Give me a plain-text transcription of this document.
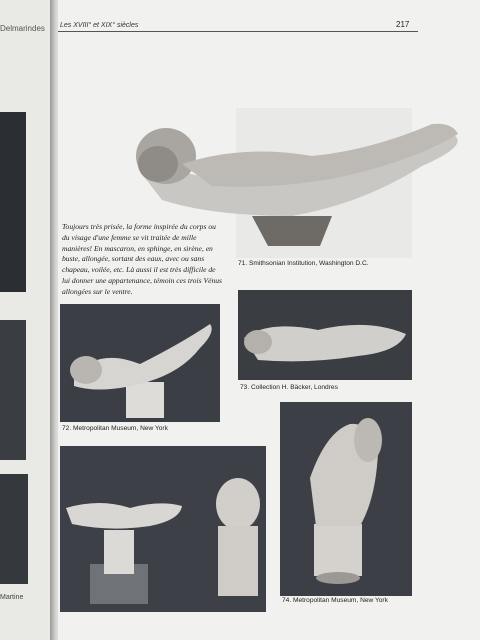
Delmarindes
Martine
Les XVIII° et XIX° siècles	217
71. Smithsonian Institution, Washington D.C.
Toujours très prisée, la forme inspirée du corps ou du visage d'une femme se vit traitée de mille manières! En mascaron, en sphinge, en sirène, en buste, allongée, sortant des eaux, avec ou sans chapeau, voilée, etc. Là aussi il est très difficile de lui donner une appartenance, témoin ces trois Vénus allongées sur le ventre.
72. Metropolitan Museum, New York
73. Collection H. Bäcker, Londres
74. Metropolitan Museum, New York
